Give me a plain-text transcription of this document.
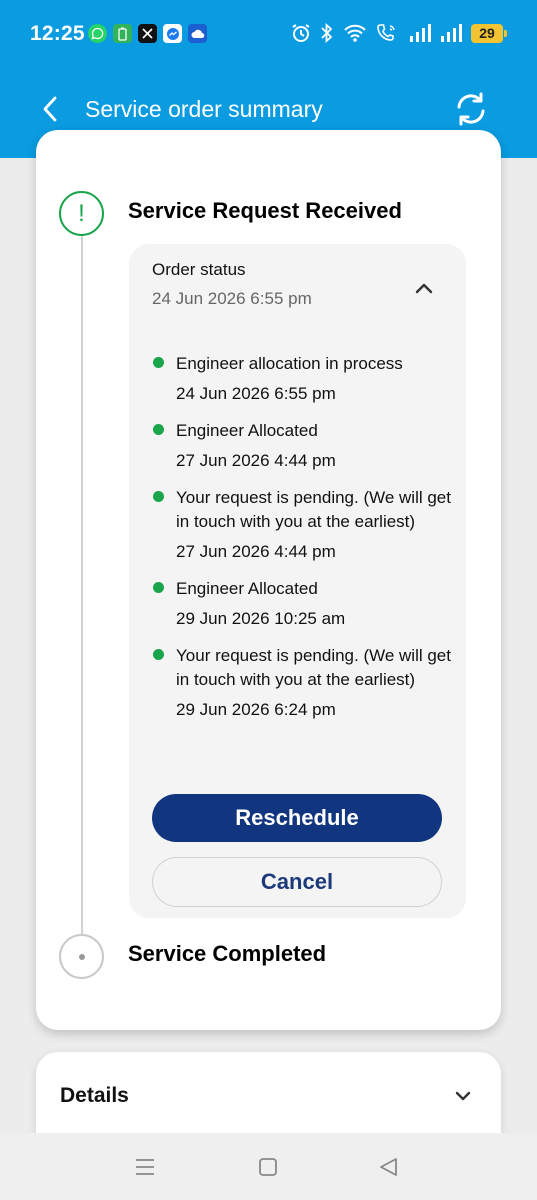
12:25	29
Service order summary
!	Service Request Received
Order status
24 Jun 2026 6:55 pm
Engineer allocation in process
24 Jun 2026 6:55 pm
Engineer Allocated
27 Jun 2026 4:44 pm
Your request is pending. (We will get in touch with you at the earliest)
27 Jun 2026 4:44 pm
Engineer Allocated
29 Jun 2026 10:25 am
Your request is pending. (We will get in touch with you at the earliest)
29 Jun 2026 6:24 pm
Reschedule
Cancel
Service Completed
Details
